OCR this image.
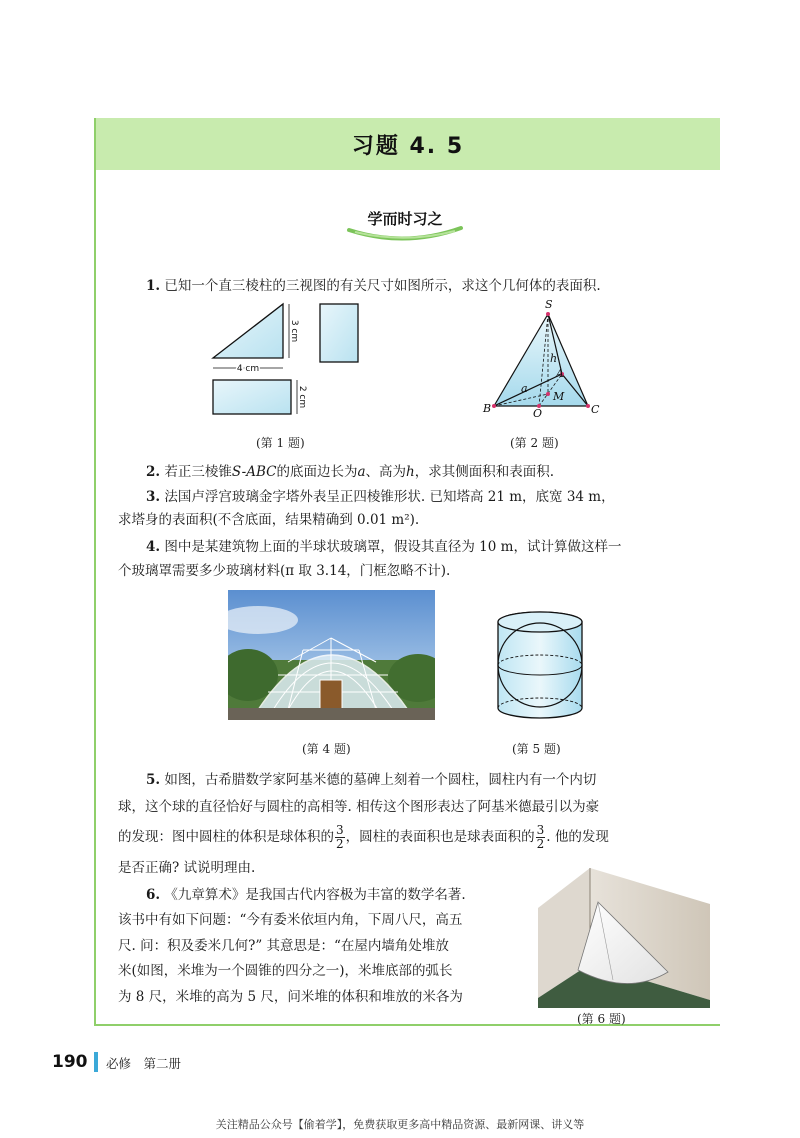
习题 4. 5
学而时习之
1. 已知一个直三棱柱的三视图的有关尺寸如图所示，求这个几何体的表面积.
4 cm
3 cm
2 cm
(第 1 题)
S
A
B	C
O
M
h
a
(第 2 题)
2. 若正三棱锥S-ABC的底面边长为a、高为h，求其侧面积和表面积.
3. 法国卢浮宫玻璃金字塔外表呈正四棱锥形状. 已知塔高 21 m，底宽 34 m，
求塔身的表面积(不含底面，结果精确到 0.01 m²).
4. 图中是某建筑物上面的半球状玻璃罩，假设其直径为 10 m，试计算做这样一
个玻璃罩需要多少玻璃材料(π 取 3.14，门框忽略不计).
(第 4 题)	(第 5 题)
5. 如图，古希腊数学家阿基米德的墓碑上刻着一个圆柱，圆柱内有一个内切
球，这个球的直径恰好与圆柱的高相等. 相传这个图形表达了阿基米德最引以为豪
的发现：图中圆柱的体积是球体积的 $\frac{3}{2}$ ，圆柱的表面积也是球表面积的 $\frac{3}{2}$ . 他的发现
是否正确? 试说明理由.
6. 《九章算术》是我国古代内容极为丰富的数学名著.
该书中有如下问题：“今有委米依垣内角，下周八尺，高五
尺. 问：积及委米几何?” 其意思是：“在屋内墙角处堆放
米(如图，米堆为一个圆锥的四分之一)，米堆底部的弧长
为 8 尺，米堆的高为 5 尺，问米堆的体积和堆放的米各为
(第 6 题)
190 必修　第二册
关注精品公众号【偷着学】，免费获取更多高中精品资源、最新网课、讲义等
